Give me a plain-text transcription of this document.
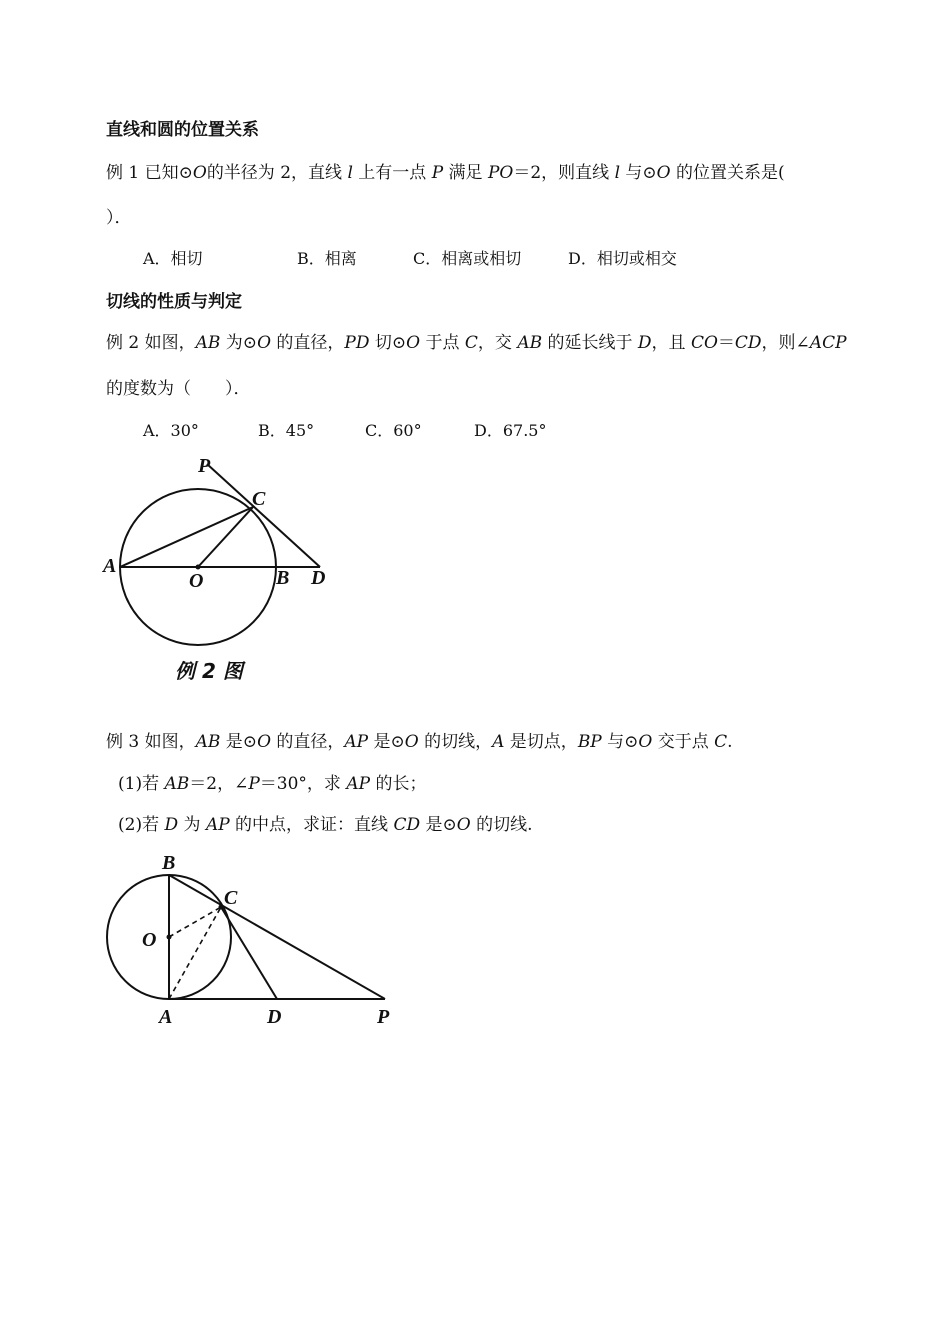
直线和圆的位置关系
例 1 已知⊙O的半径为 2，直线 l 上有一点 P 满足 PO＝2，则直线 l 与⊙O 的位置关系是(
）．
A．相切	B．相离	C．相离或相切	D．相切或相交
切线的性质与判定
例 2 如图，AB 为⊙O 的直径，PD 切⊙O 于点 C，交 AB 的延长线于 D，且 CO＝CD，则∠ACP
的度数为（　　）．
A．30°	B．45°	C．60°	D．67.5°
P
C
A
O	B D
例 2 图
例 3 如图，AB 是⊙O 的直径，AP 是⊙O 的切线，A 是切点，BP 与⊙O 交于点 C.
(1)若 AB＝2，∠P＝30°，求 AP 的长；
(2)若 D 为 AP 的中点，求证：直线 CD 是⊙O 的切线.
B
C
O
A	D	P
